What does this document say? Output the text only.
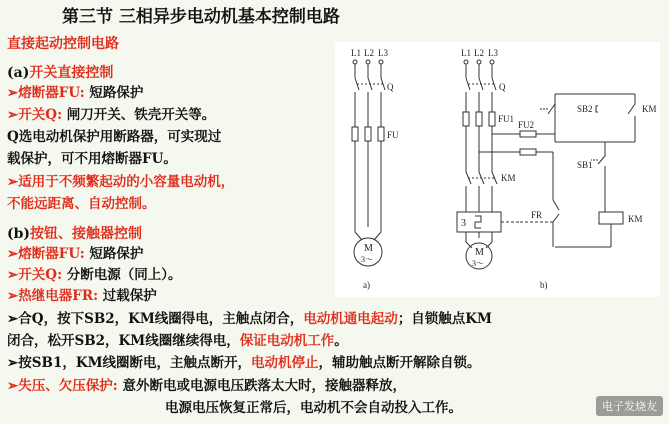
第三节 三相异步电动机基本控制电路
直接起动控制电路
(a)开关直接控制
➢熔断器FU: 短路保护
➢开关Q: 闸刀开关、铁壳开关等。
Q选电动机保护用断路器，可实现过
载保护，可不用熔断器FU。
➢适用于不频繁起动的小容量电动机，
不能远距离、自动控制。
(b)按钮、接触器控制
➢熔断器FU: 短路保护
➢开关Q: 分断电源（同上）。
➢热继电器FR: 过载保护
➢合Q，按下SB2，KM线圈得电，主触点闭合，电动机通电起动；自锁触点KM
闭合，松开SB2，KM线圈继续得电，保证电动机工作。
➢按SB1，KM线圈断电，主触点断开，电动机停止，辅助触点断开解除自锁。
➢失压、欠压保护: 意外断电或电源电压跌落太大时，接触器释放，
电源电压恢复正常后，电动机不会自动投入工作。
L1 L2 L3
Q
FU
M
3～
a)
L1 L2 L3
Q
FU1
FU2
KM
3
M
3～
b)
SB2	KM
SB1
KM
FR
电子发烧友
